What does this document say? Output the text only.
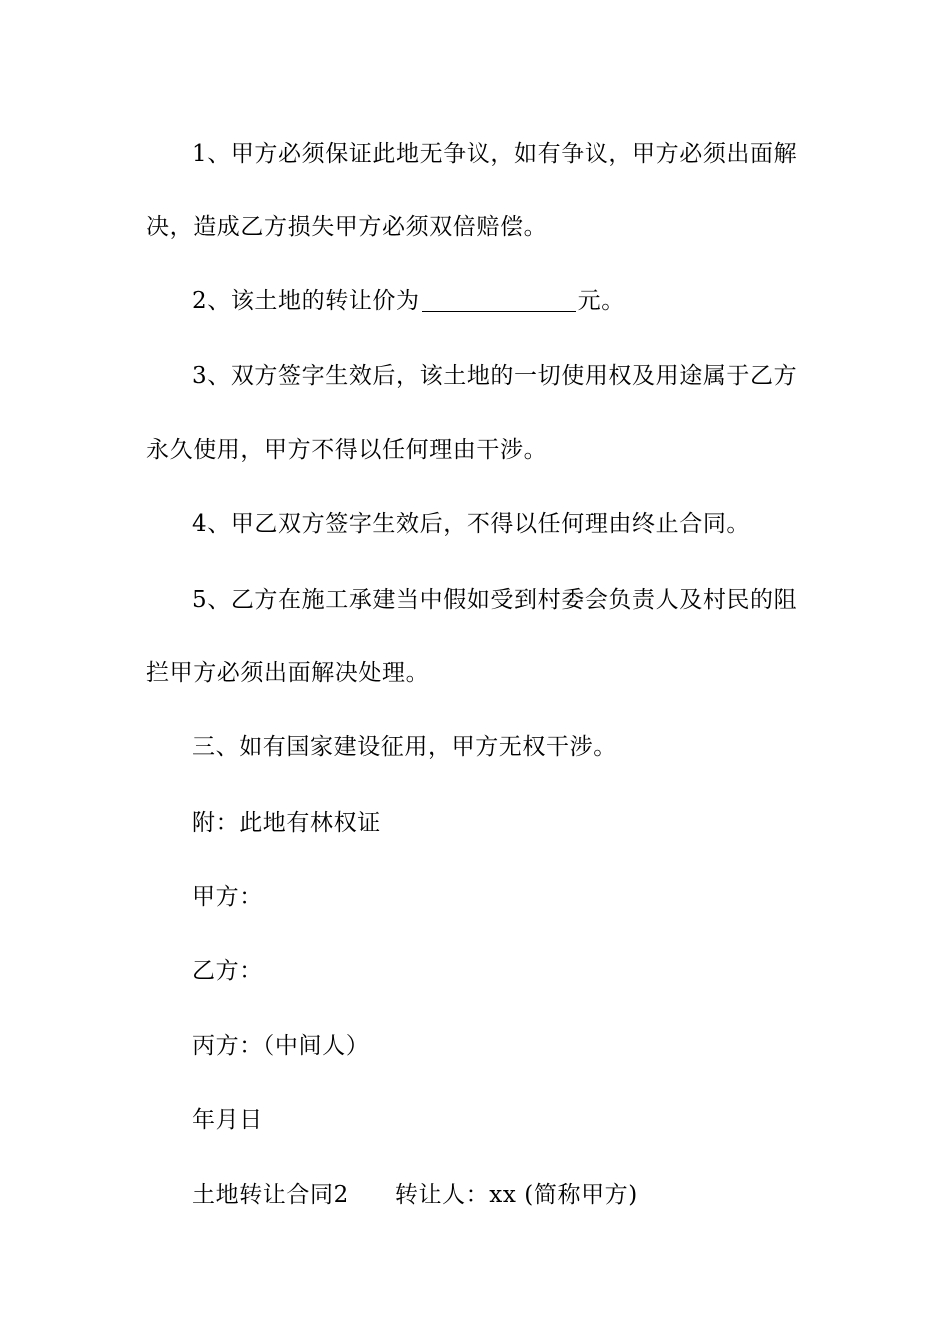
1、甲方必须保证此地无争议，如有争议，甲方必须出面解
决，造成乙方损失甲方必须双倍赔偿。
2、该土地的转让价为	元。
3、双方签字生效后，该土地的一切使用权及用途属于乙方
永久使用，甲方不得以任何理由干涉。
4、甲乙双方签字生效后，不得以任何理由终止合同。
5、乙方在施工承建当中假如受到村委会负责人及村民的阻
拦甲方必须出面解决处理。
三、如有国家建设征用，甲方无权干涉。
附：此地有林权证
甲方：
乙方：
丙方：（中间人）
年月日
土地转让合同2 转让人：xx (简称甲方)
